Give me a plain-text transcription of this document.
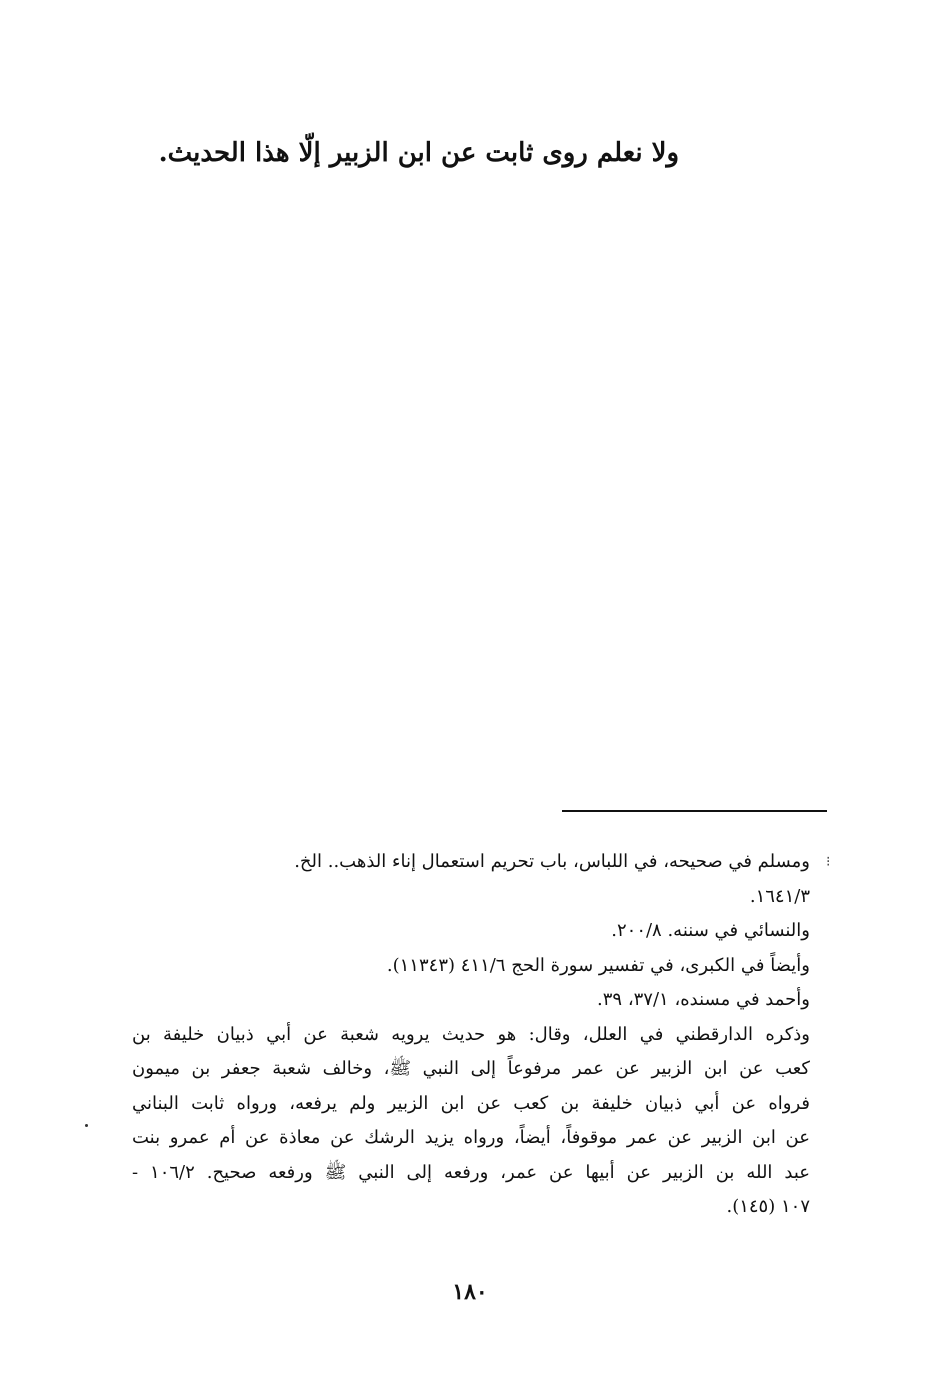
ولا نعلم روى ثابت عن ابن الزبير إلّا هذا الحديث.
⁝
ومسلم في صحيحه، في اللباس، باب تحريم استعمال إناء الذهب.. الخ.
١٦٤١/٣.
والنسائي في سننه. ٢٠٠/٨.
وأيضاً في الكبرى، في تفسير سورة الحج ٤١١/٦ (١١٣٤٣).
وأحمد في مسنده، ٣٧/١، ٣٩.
وذكره الدارقطني في العلل، وقال: هو حديث يرويه شعبة عن أبي ذبيان خليفة بن
كعب عن ابن الزبير عن عمر مرفوعاً إلى النبي ﷺ، وخالف شعبة جعفر بن ميمون
فرواه عن أبي ذبيان خليفة بن كعب عن ابن الزبير ولم يرفعه، ورواه ثابت البناني
عن ابن الزبير عن عمر موقوفاً، أيضاً، ورواه يزيد الرشك عن معاذة عن أم عمرو بنت
عبد الله بن الزبير عن أبيها عن عمر، ورفعه إلى النبي ﷺ ورفعه صحيح. ١٠٦/٢ -
١٠٧ (١٤٥).
١٨٠
